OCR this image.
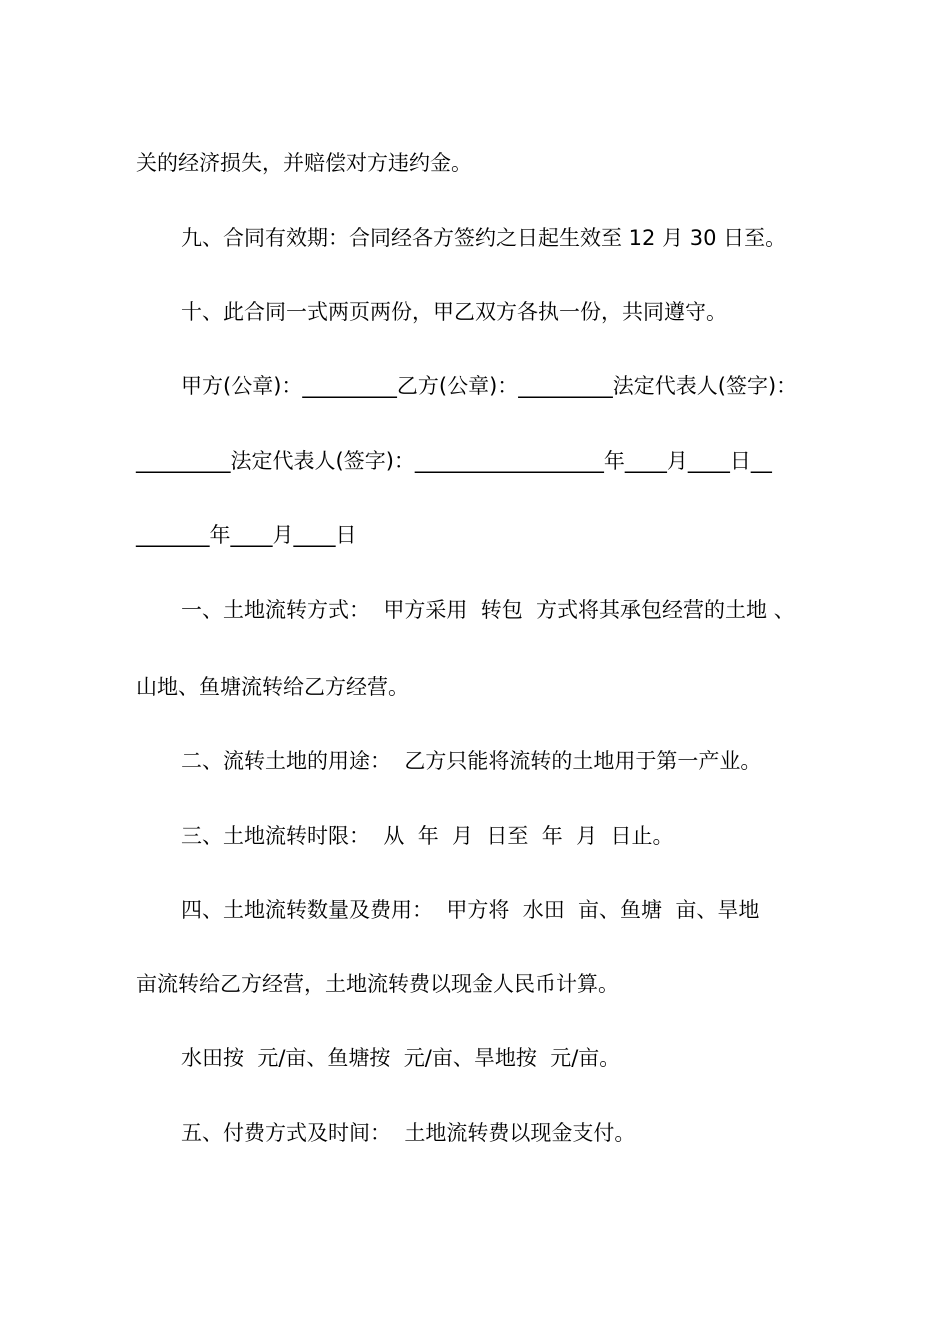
关的经济损失，并赔偿对方违约金。
九、合同有效期：合同经各方签约之日起生效至 12 月 30 日至。
十、此合同一式两页两份，甲乙双方各执一份，共同遵守。
甲方(公章)：_________乙方(公章)：_________法定代表人(签字)：
_________法定代表人(签字)：__________________年____月____日__
_______年____月____日
一、土地流转方式：  甲方采用  转包  方式将其承包经营的土地 、
山地、鱼塘流转给乙方经营。
二、流转土地的用途：  乙方只能将流转的土地用于第一产业。
三、土地流转时限：  从  年  月  日至  年  月  日止。
四、土地流转数量及费用：  甲方将  水田  亩、鱼塘  亩、旱地
亩流转给乙方经营，土地流转费以现金人民币计算。
水田按  元/亩、鱼塘按  元/亩、旱地按  元/亩。
五、付费方式及时间：  土地流转费以现金支付。
